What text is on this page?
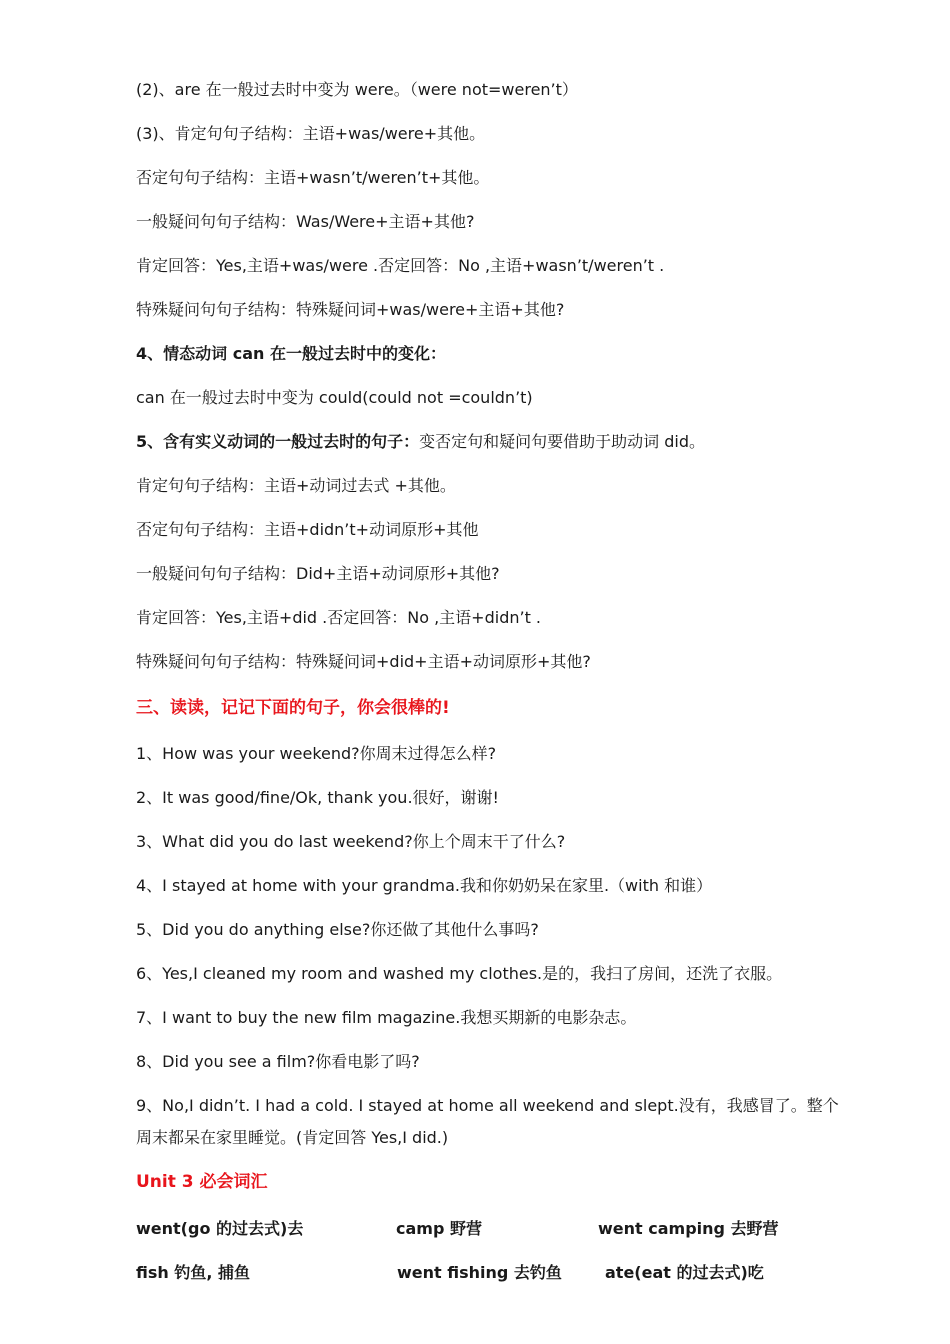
(2)、are 在一般过去时中变为 were。（were not=weren’t）
(3)、肯定句句子结构：主语+was/were+其他。
否定句句子结构：主语+wasn’t/weren’t+其他。
一般疑问句句子结构：Was/Were+主语+其他?
肯定回答：Yes,主语+was/were .否定回答：No ,主语+wasn’t/weren’t .
特殊疑问句句子结构：特殊疑问词+was/were+主语+其他?
4、情态动词 can 在一般过去时中的变化：
can 在一般过去时中变为 could(could not =couldn’t)
5、含有实义动词的一般过去时的句子：变否定句和疑问句要借助于助动词 did。
肯定句句子结构：主语+动词过去式 +其他。
否定句句子结构：主语+didn’t+动词原形+其他
一般疑问句句子结构：Did+主语+动词原形+其他?
肯定回答：Yes,主语+did .否定回答：No ,主语+didn’t .
特殊疑问句句子结构：特殊疑问词+did+主语+动词原形+其他?
三、读读，记记下面的句子，你会很棒的!
1、How was your weekend?你周末过得怎么样?
2、It was good/fine/Ok, thank you.很好，谢谢!
3、What did you do last weekend?你上个周末干了什么?
4、I stayed at home with your grandma.我和你奶奶呆在家里.（with 和谁）
5、Did you do anything else?你还做了其他什么事吗?
6、Yes,I cleaned my room and washed my clothes.是的，我扫了房间，还洗了衣服。
7、I want to buy the new film magazine.我想买期新的电影杂志。
8、Did you see a film?你看电影了吗?
9、No,I didn’t. I had a cold. I stayed at home all weekend and slept.没有，我感冒了。整个周末都呆在家里睡觉。(肯定回答 Yes,I did.)
Unit 3 必会词汇
went(go 的过去式)去	camp 野营	went camping 去野营
fish 钓鱼, 捕鱼	went fishing 去钓鱼	ate(eat 的过去式)吃
